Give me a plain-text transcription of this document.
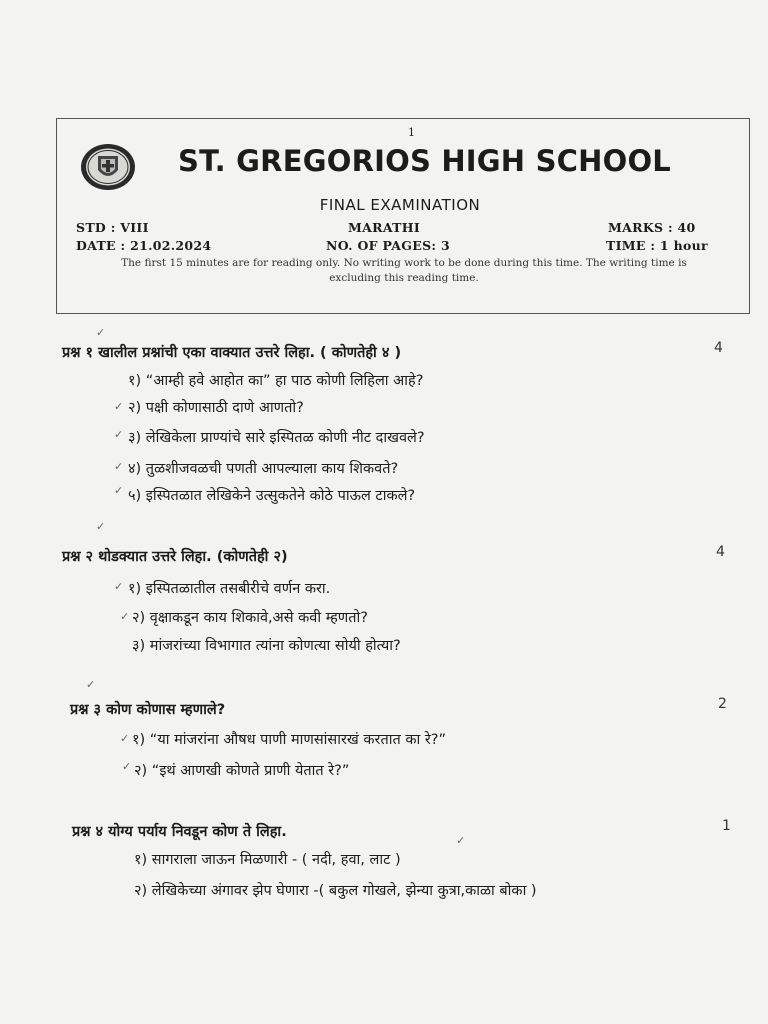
1
ST. GREGORIOS HIGH SCHOOL
FINAL EXAMINATION
STD : VIII	MARATHI	MARKS : 40
DATE : 21.02.2024	NO. OF PAGES: 3	TIME : 1 hour
The first 15 minutes are for reading only. No writing work to be done during this time. The writing time is
excluding this reading time.
✓
प्रश्न १ खालील प्रश्नांची एका वाक्यात उत्तरे लिहा. ( कोणतेही ४ )	4
१) “आम्ही हवे आहोत का” हा पाठ कोणी लिहिला आहे?
✓ २) पक्षी कोणासाठी दाणे आणतो?
✓ ३) लेखिकेला प्राण्यांचे सारे इस्पितळ कोणी नीट दाखवले?
✓ ४) तुळशीजवळची पणती आपल्याला काय शिकवते?
✓ ५) इस्पितळात लेखिकेने उत्सुकतेने कोठे पाऊल टाकले?
✓
प्रश्न २ थोडक्यात उत्तरे लिहा. (कोणतेही २)	4
✓ १) इस्पितळातील तसबीरीचे वर्णन करा.
✓ २) वृक्षाकडून काय शिकावे,असे कवी म्हणतो?
३) मांजरांच्या विभागात त्यांना कोणत्या सोयी होत्या?
✓
प्रश्न ३ कोण कोणास म्हणाले?	2
✓ १) “या मांजरांना औषध पाणी माणसांसारखं करतात का रे?”
✓ २) “इथं आणखी कोणते प्राणी येतात रे?”
प्रश्न ४ योग्य पर्याय निवडून कोण ते लिहा.	1
✓
१) सागराला जाऊन मिळणारी - ( नदी, हवा, लाट )
२) लेखिकेच्या अंगावर झेप घेणारा -( बकुल गोखले, झेन्या कुत्रा,काळा बोका )
